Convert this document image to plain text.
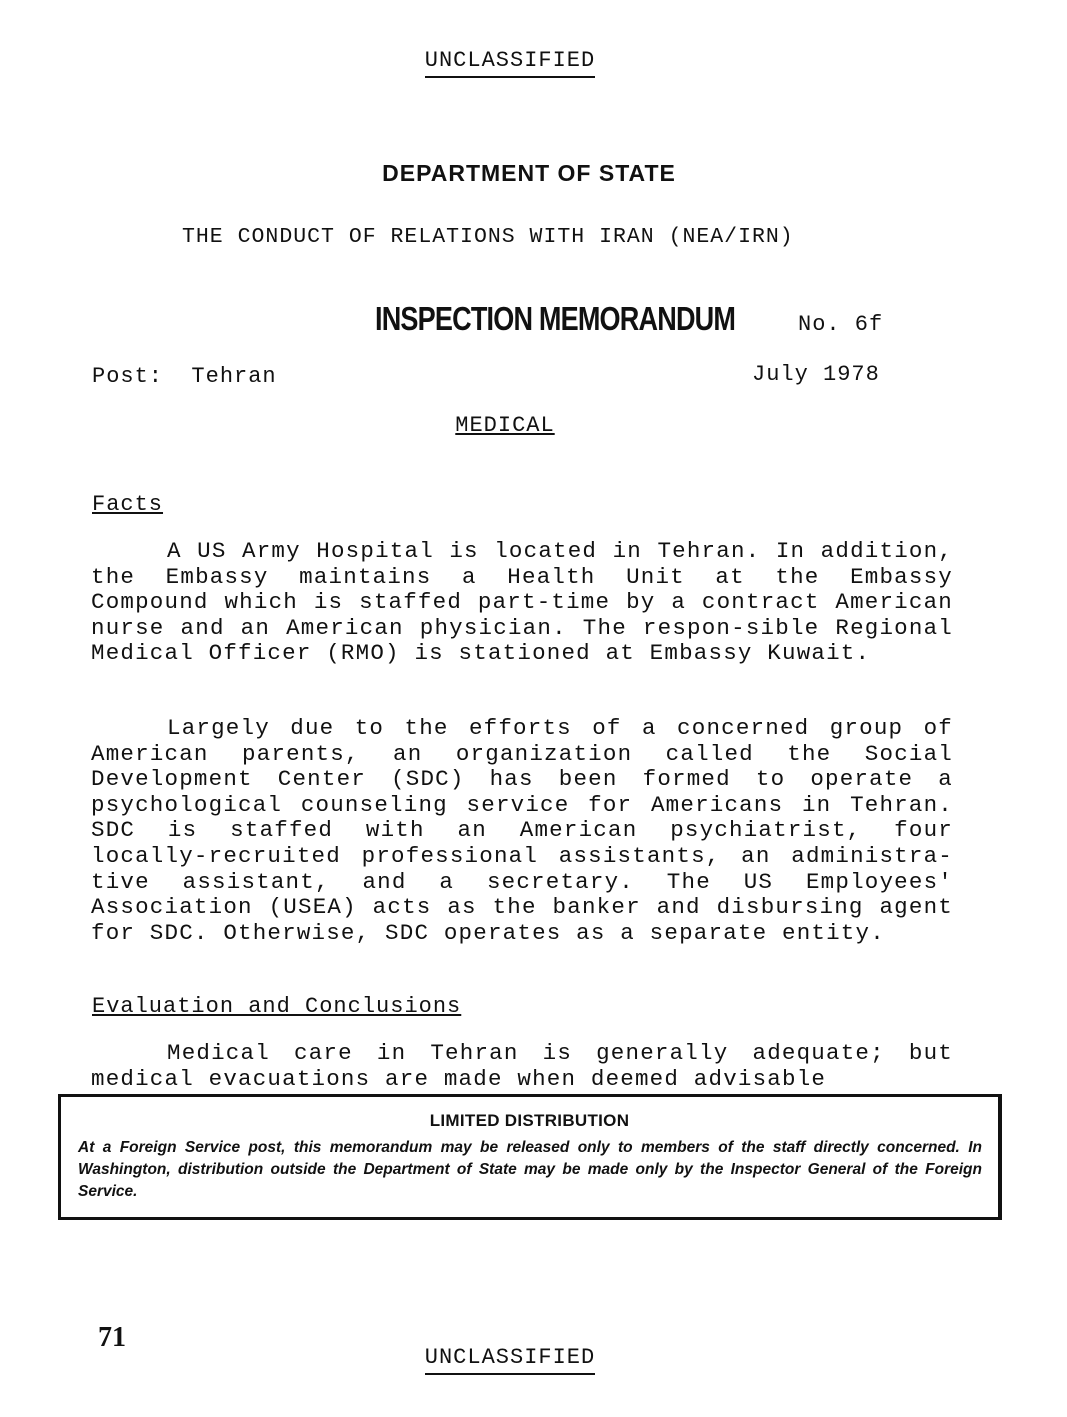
UNCLASSIFIED
DEPARTMENT OF STATE
THE CONDUCT OF RELATIONS WITH IRAN (NEA/IRN)
INSPECTION MEMORANDUM	No. 6f
Post: Tehran	July 1978
MEDICAL
Facts

A US Army Hospital is located in Tehran. In addition, the Embassy maintains a Health Unit at the Embassy Compound which is staffed part-time by a contract American nurse and an American physician. The respon-sible Regional Medical Officer (RMO) is stationed at Embassy Kuwait.

Largely due to the efforts of a concerned group of American parents, an organization called the Social Development Center (SDC) has been formed to operate a psychological counseling service for Americans in Tehran. SDC is staffed with an American psychiatrist, four locally-recruited professional assistants, an administra-tive assistant, and a secretary. The US Employees' Association (USEA) acts as the banker and disbursing agent for SDC. Otherwise, SDC operates as a separate entity.

Evaluation and Conclusions

Medical care in Tehran is generally adequate; but medical evacuations are made when deemed advisable

LIMITED DISTRIBUTION

At a Foreign Service post, this memorandum may be released only to members of the staff directly concerned. In Washington, distribution outside the Department of State may be made only by the Inspector General of the Foreign Service.

71
UNCLASSIFIED
